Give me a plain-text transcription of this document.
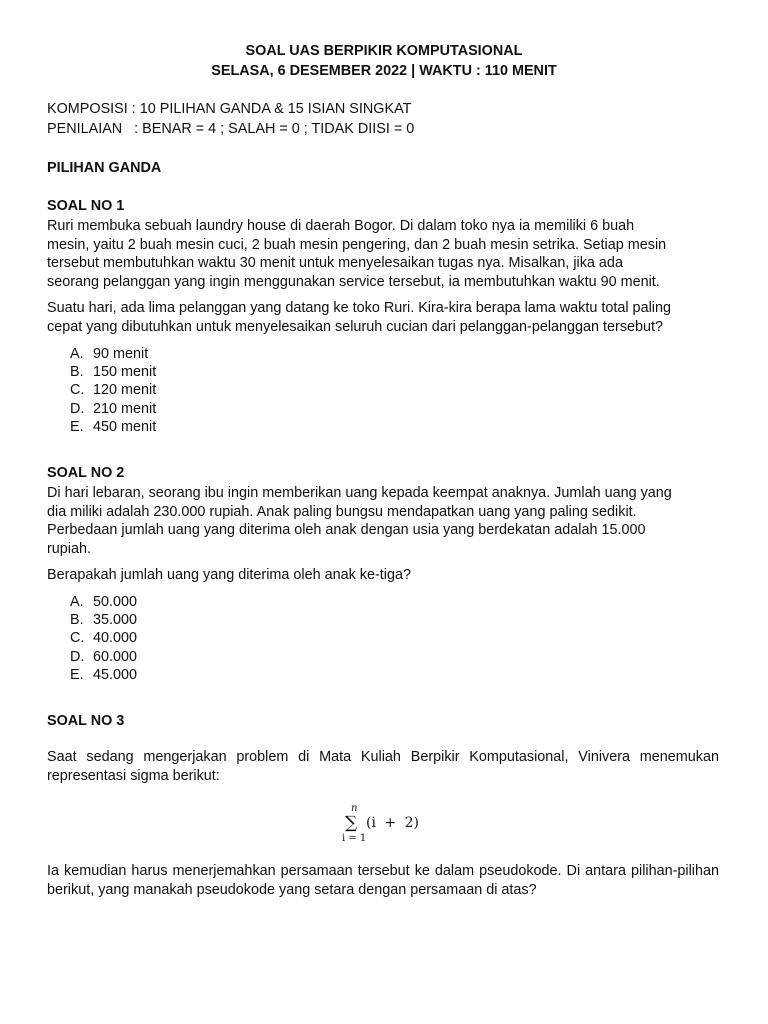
SOAL UAS BERPIKIR KOMPUTASIONAL
SELASA, 6 DESEMBER 2022 | WAKTU : 110 MENIT
KOMPOSISI : 10 PILIHAN GANDA & 15 ISIAN SINGKAT
PENILAIAN   : BENAR = 4 ; SALAH = 0 ; TIDAK DIISI = 0
PILIHAN GANDA
SOAL NO 1
Ruri membuka sebuah laundry house di daerah Bogor. Di dalam toko nya ia memiliki 6 buah
mesin, yaitu 2 buah mesin cuci, 2 buah mesin pengering, dan 2 buah mesin setrika. Setiap mesin
tersebut membutuhkan waktu 30 menit untuk menyelesaikan tugas nya. Misalkan, jika ada
seorang pelanggan yang ingin menggunakan service tersebut, ia membutuhkan waktu 90 menit.
Suatu hari, ada lima pelanggan yang datang ke toko Ruri. Kira-kira berapa lama waktu total paling
cepat yang dibutuhkan untuk menyelesaikan seluruh cucian dari pelanggan-pelanggan tersebut?
A. 90 menit
B. 150 menit
C. 120 menit
D. 210 menit
E. 450 menit
SOAL NO 2
Di hari lebaran, seorang ibu ingin memberikan uang kepada keempat anaknya. Jumlah uang yang
dia miliki adalah 230.000 rupiah. Anak paling bungsu mendapatkan uang yang paling sedikit.
Perbedaan jumlah uang yang diterima oleh anak dengan usia yang berdekatan adalah 15.000
rupiah.
Berapakah jumlah uang yang diterima oleh anak ke-tiga?
A. 50.000
B. 35.000
C. 40.000
D. 60.000
E. 45.000
SOAL NO 3
Saat sedang mengerjakan problem di Mata Kuliah Berpikir Komputasional, Vinivera menemukan representasi sigma berikut:
n
∑
i = 1
(i + 2)
Ia kemudian harus menerjemahkan persamaan tersebut ke dalam pseudokode. Di antara pilihan-pilihan berikut, yang manakah pseudokode yang setara dengan persamaan di atas?
